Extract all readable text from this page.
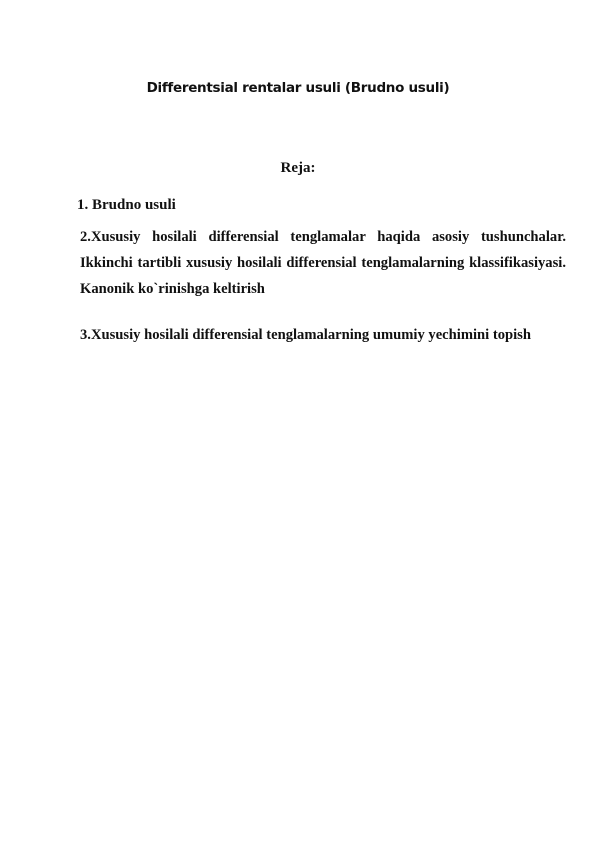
Differentsial rentalar usuli (Brudno usuli)
Reja:
1. Brudno usuli

2.Xususiy hosilali differensial tenglamalar haqida asosiy tushunchalar. Ikkinchi tartibli xususiy hosilali differensial tenglamalarning klassifikasiyasi. Kanonik ko`rinishga keltirish

3.Xususiy hosilali differensial tenglamalarning umumiy yechimini topish
